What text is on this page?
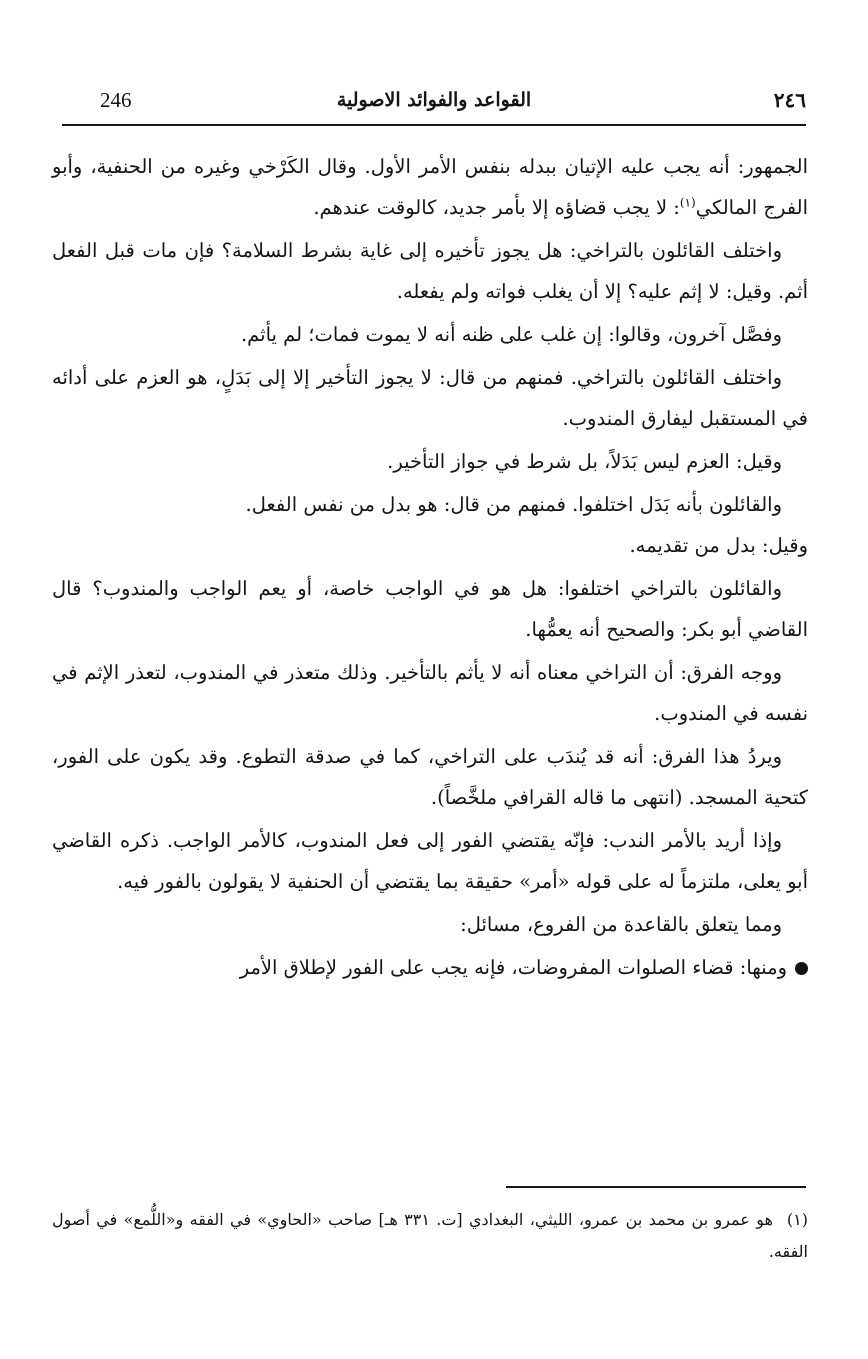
246	القواعد والفوائد الاصولية	٢٤٦

الجمهور: أنه يجب عليه الإتيان ببدله بنفس الأمر الأول. وقال الكَرْخي وغيره من الحنفية، وأبو الفرج المالكي$^{(١)}$: لا يجب قضاؤه إلا بأمر جديد، كالوقت عندهم.

واختلف القائلون بالتراخي: هل يجوز تأخيره إلى غاية بشرط السلامة؟ فإن مات قبل الفعل أثم. وقيل: لا إثم عليه؟ إلا أن يغلب فواته ولم يفعله.

وفصَّل آخرون، وقالوا: إن غلب على ظنه أنه لا يموت فمات؛ لم يأثم.

واختلف القائلون بالتراخي. فمنهم من قال: لا يجوز التأخير إلا إلى بَدَلٍ، هو العزم على أدائه في المستقبل ليفارق المندوب.

وقيل: العزم ليس بَدَلاً، بل شرط في جواز التأخير.

والقائلون بأنه بَدَل اختلفوا. فمنهم من قال: هو بدل من نفس الفعل.

وقيل: بدل من تقديمه.

والقائلون بالتراخي اختلفوا: هل هو في الواجب خاصة، أو يعم الواجب والمندوب؟ قال القاضي أبو بكر: والصحيح أنه يعمُّها.

ووجه الفرق: أن التراخي معناه أنه لا يأثم بالتأخير. وذلك متعذر في المندوب، لتعذر الإثم في نفسه في المندوب.

ويردُ هذا الفرق: أنه قد يُندَب على التراخي، كما في صدقة التطوع. وقد يكون على الفور، كتحية المسجد. (انتهى ما قاله القرافي ملخَّصاً).

وإذا أريد بالأمر الندب: فإنّه يقتضي الفور إلى فعل المندوب، كالأمر الواجب. ذكره القاضي أبو يعلى، ملتزماً له على قوله «أمر» حقيقة بما يقتضي أن الحنفية لا يقولون بالفور فيه.

ومما يتعلق بالقاعدة من الفروع، مسائل:

ومنها: قضاء الصلوات المفروضات، فإنه يجب على الفور لإطلاق الأمر

(١)هو عمرو بن محمد بن عمرو، الليثي، البغدادي [ت. ٣٣١ هـ] صاحب «الحاوي» في الفقه و«اللُّمع» في أصول الفقه.
